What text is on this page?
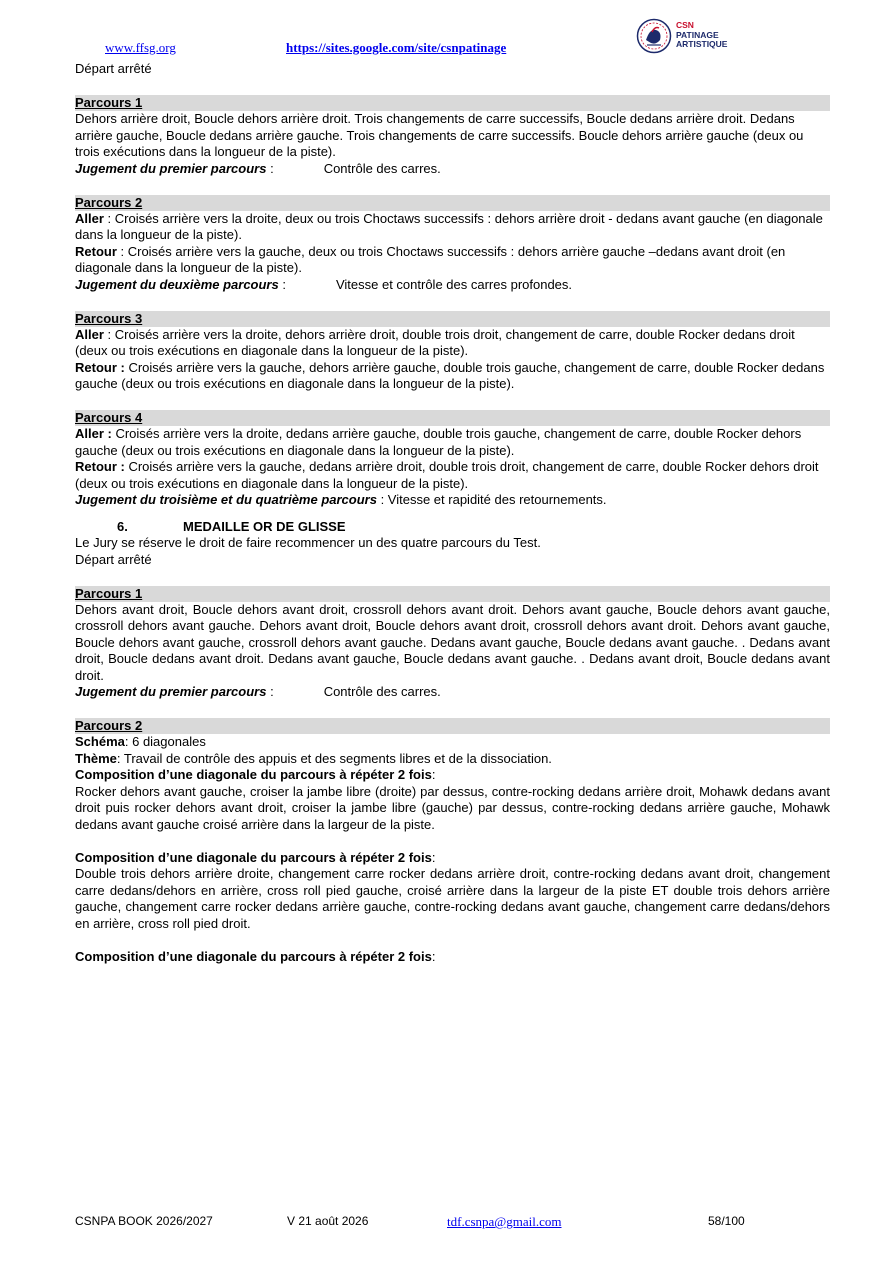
www.ffsg.org	https://sites.google.com/site/csnpatinage
CSN
PATINAGE
ARTISTIQUE

Départ arrêté

Parcours 1

Dehors arrière droit, Boucle dehors arrière droit. Trois changements de carre successifs, Boucle dedans arrière droit. Dedans arrière gauche, Boucle dedans arrière gauche. Trois changements de carre successifs. Boucle dehors arrière gauche (deux ou trois exécutions dans la longueur de la piste).

Jugement du premier parcours :	Contrôle des carres.

Parcours 2

Aller : Croisés arrière vers la droite, deux ou trois Choctaws successifs : dehors arrière droit - dedans avant gauche (en diagonale dans la longueur de la piste).

Retour : Croisés arrière vers la gauche, deux ou trois Choctaws successifs : dehors arrière gauche –dedans avant droit (en diagonale dans la longueur de la piste).

Jugement du deuxième parcours :	Vitesse et contrôle des carres profondes.

Parcours 3

Aller : Croisés arrière vers la droite, dehors arrière droit, double trois droit, changement de carre, double Rocker dedans droit (deux ou trois exécutions en diagonale dans la longueur de la piste).

Retour : Croisés arrière vers la gauche, dehors arrière gauche, double trois gauche, changement de carre, double Rocker dedans gauche (deux ou trois exécutions en diagonale dans la longueur de la piste).

Parcours 4

Aller : Croisés arrière vers la droite, dedans arrière gauche, double trois gauche, changement de carre, double Rocker dehors gauche (deux ou trois exécutions en diagonale dans la longueur de la piste).

Retour : Croisés arrière vers la gauche, dedans arrière droit, double trois droit, changement de carre, double Rocker dehors droit (deux ou trois exécutions en diagonale dans la longueur de la piste).

Jugement du troisième et du quatrième parcours : Vitesse et rapidité des retournements.

6.	MEDAILLE OR DE GLISSE

Le Jury se réserve le droit de faire recommencer un des quatre parcours du Test.

Départ arrêté

Parcours 1

Dehors avant droit, Boucle dehors avant droit, crossroll dehors avant droit. Dehors avant gauche, Boucle dehors avant gauche, crossroll dehors avant gauche. Dehors avant droit, Boucle dehors avant droit, crossroll dehors avant droit. Dehors avant gauche, Boucle dehors avant gauche, crossroll dehors avant gauche. Dedans avant gauche, Boucle dedans avant gauche. . Dedans avant droit, Boucle dedans avant droit. Dedans avant gauche, Boucle dedans avant gauche. . Dedans avant droit, Boucle dedans avant droit.

Jugement du premier parcours :	Contrôle des carres.

Parcours 2

Schéma: 6 diagonales

Thème: Travail de contrôle des appuis et des segments libres et de la dissociation.

Composition d’une diagonale du parcours à répéter 2 fois:

Rocker dehors avant gauche, croiser la jambe libre (droite) par dessus, contre-rocking dedans arrière droit, Mohawk dedans avant droit puis rocker dehors avant droit, croiser la jambe libre (gauche) par dessus, contre-rocking dedans arrière gauche, Mohawk dedans avant gauche croisé arrière dans la largeur de la piste.

Composition d’une diagonale du parcours à répéter 2 fois:

Double trois dehors arrière droite, changement carre rocker dedans arrière droit, contre-rocking dedans avant droit, changement carre dedans/dehors en arrière, cross roll pied gauche, croisé arrière dans la largeur de la piste ET double trois dehors arrière gauche, changement carre rocker dedans arrière gauche, contre-rocking dedans avant gauche, changement carre dedans/dehors en arrière, cross roll pied droit.

Composition d’une diagonale du parcours à répéter 2 fois:

CSNPA BOOK 2026/2027	V 21 août 2026	tdf.csnpa@gmail.com	58/100
